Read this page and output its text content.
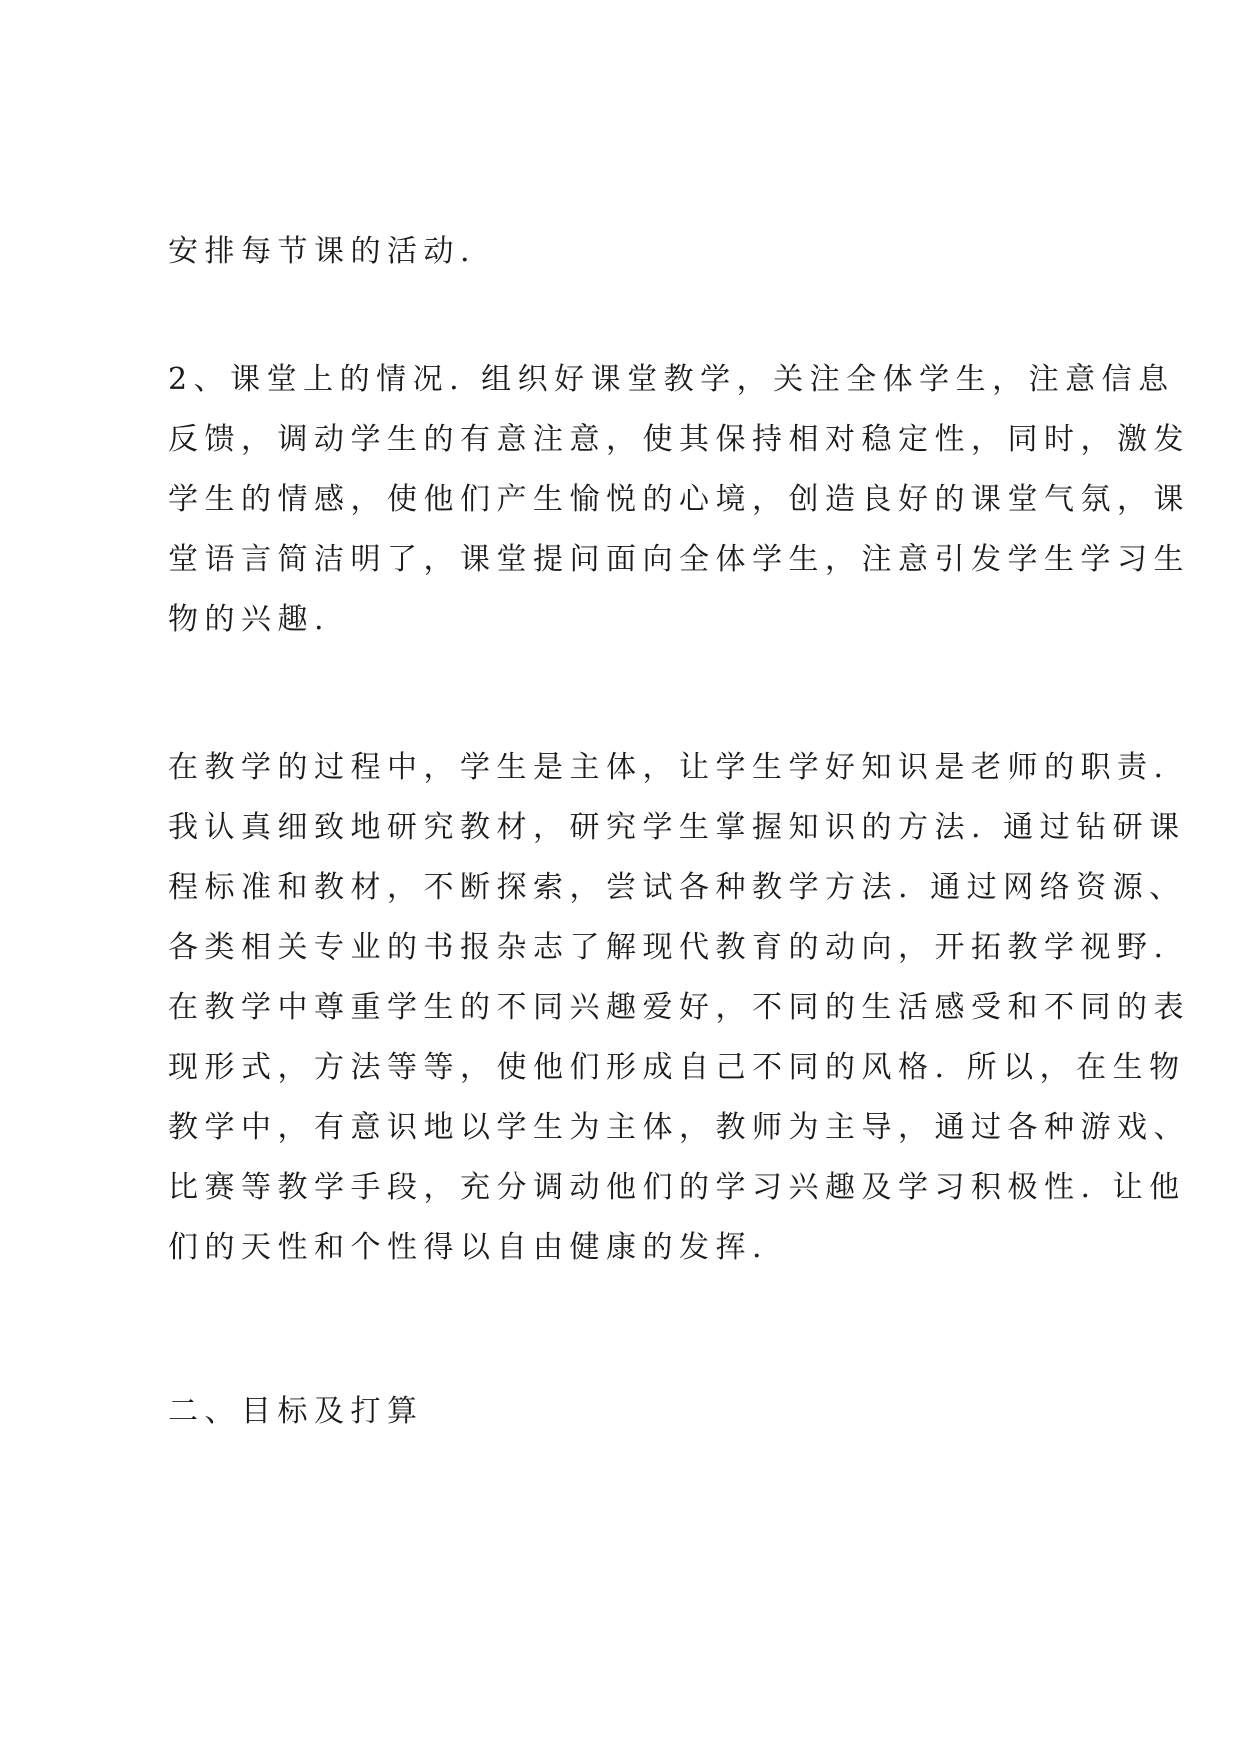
安排每节课的活动.

2、课堂上的情况. 组织好课堂教学，关注全体学生，注意信息
反馈，调动学生的有意注意，使其保持相对稳定性，同时，激发
学生的情感，使他们产生愉悦的心境，创造良好的课堂气氛，课
堂语言简洁明了，课堂提问面向全体学生，注意引发学生学习生
物的兴趣.

在教学的过程中，学生是主体，让学生学好知识是老师的职责.
我认真细致地研究教材，研究学生掌握知识的方法. 通过钻研课
程标准和教材，不断探索，尝试各种教学方法. 通过网络资源、
各类相关专业的书报杂志了解现代教育的动向，开拓教学视野.
在教学中尊重学生的不同兴趣爱好，不同的生活感受和不同的表
现形式，方法等等，使他们形成自己不同的风格. 所以，在生物
教学中，有意识地以学生为主体，教师为主导，通过各种游戏、
比赛等教学手段，充分调动他们的学习兴趣及学习积极性. 让他
们的天性和个性得以自由健康的发挥.

二、目标及打算
